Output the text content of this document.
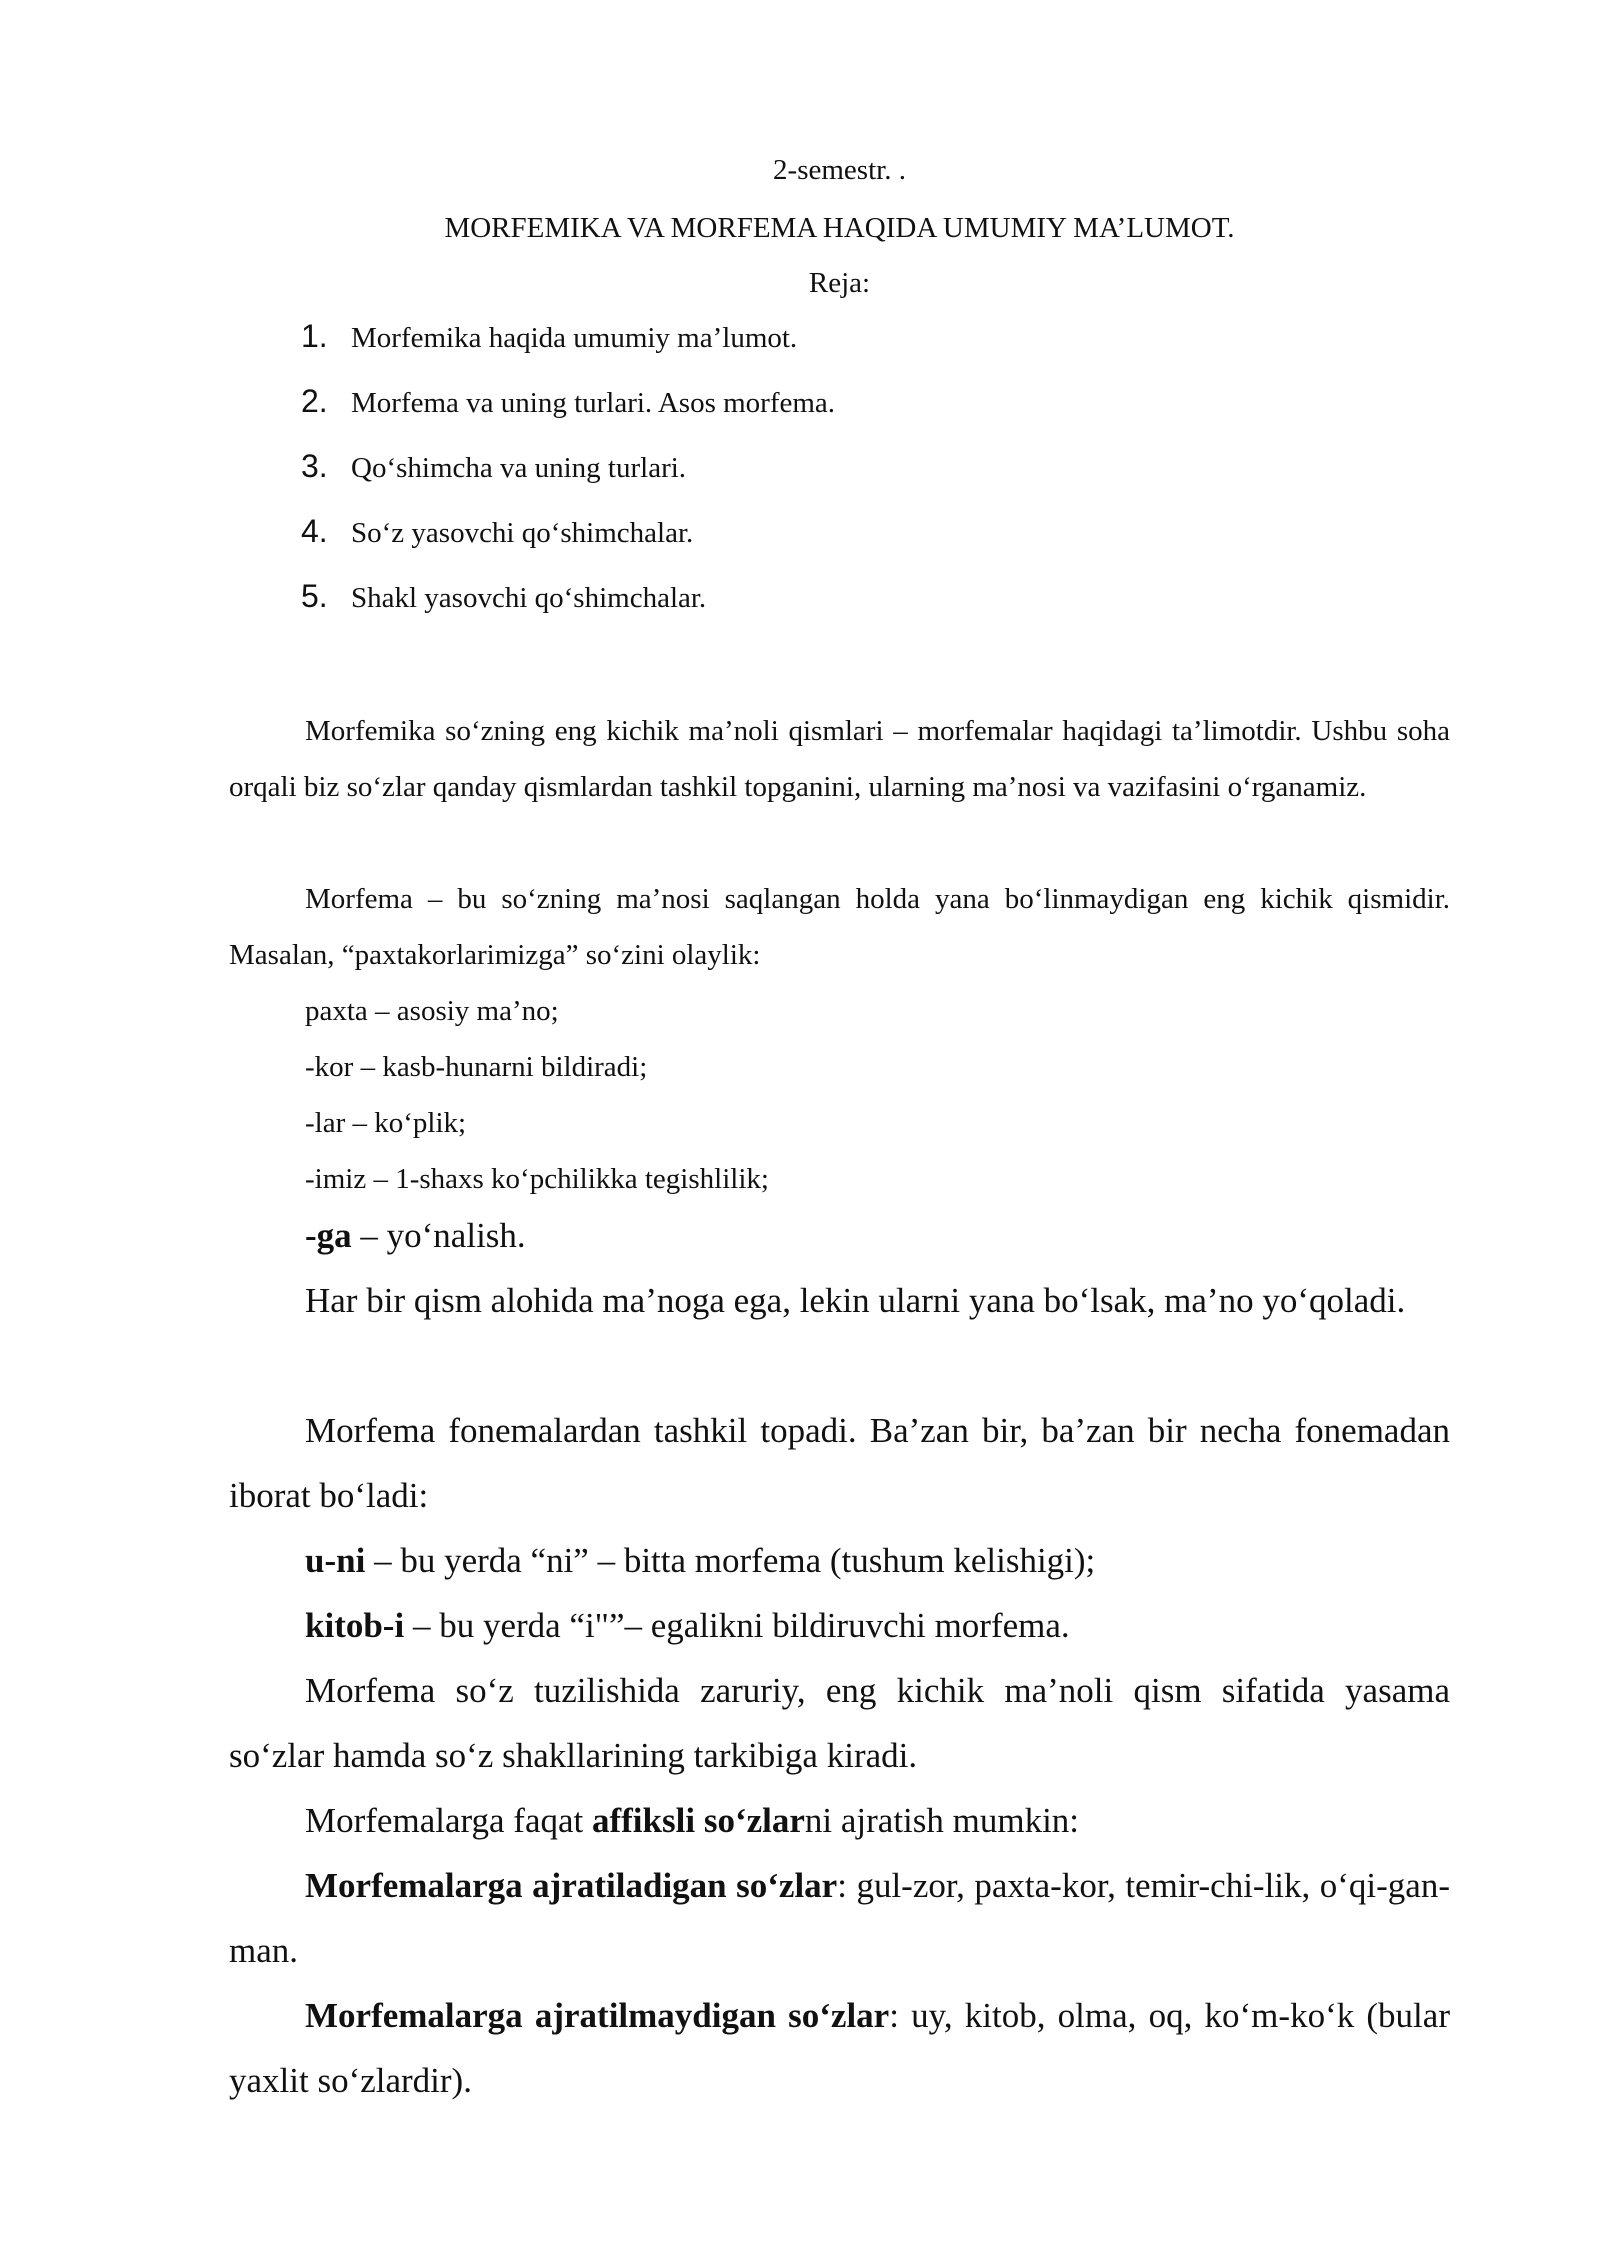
2-semestr. .
MORFEMIKA VA MORFEMA HAQIDA UMUMIY MA’LUMOT.
Reja:
1. Morfemika haqida umumiy ma’lumot.
2. Morfema va uning turlari. Asos morfema.
3. Qo‘shimcha va uning turlari.
4. So‘z yasovchi qo‘shimchalar.
5. Shakl yasovchi qo‘shimchalar.

Morfemika so‘zning eng kichik ma’noli qismlari – morfemalar haqidagi ta’limotdir. Ushbu soha orqali biz so‘zlar qanday qismlardan tashkil topganini, ularning ma’nosi va vazifasini o‘rganamiz.

Morfema – bu so‘zning ma’nosi saqlangan holda yana bo‘linmaydigan eng kichik qismidir. Masalan, “paxtakorlarimizga” so‘zini olaylik:

paxta – asosiy ma’no;

-kor – kasb-hunarni bildiradi;

-lar – ko‘plik;

-imiz – 1-shaxs ko‘pchilikka tegishlilik;

-ga – yo‘nalish.

Har bir qism alohida ma’noga ega, lekin ularni yana bo‘lsak, ma’no yo‘qoladi.

Morfema fonemalardan tashkil topadi. Ba’zan bir, ba’zan bir necha fonemadan iborat bo‘ladi:

u-ni – bu yerda “ni” – bitta morfema (tushum kelishigi);

kitob-i – bu yerda “i"”– egalikni bildiruvchi morfema.

Morfema so‘z tuzilishida zaruriy, eng kichik ma’noli qism sifatida yasama so‘zlar hamda so‘z shakllarining tarkibiga kiradi.

Morfemalarga faqat affiksli so‘zlarni ajratish mumkin:

Morfemalarga ajratiladigan so‘zlar: gul-zor, paxta-kor, temir-chi-lik, o‘qi-gan-man.

Morfemalarga ajratilmaydigan so‘zlar: uy, kitob, olma, oq, ko‘m-ko‘k (bular yaxlit so‘zlardir).
